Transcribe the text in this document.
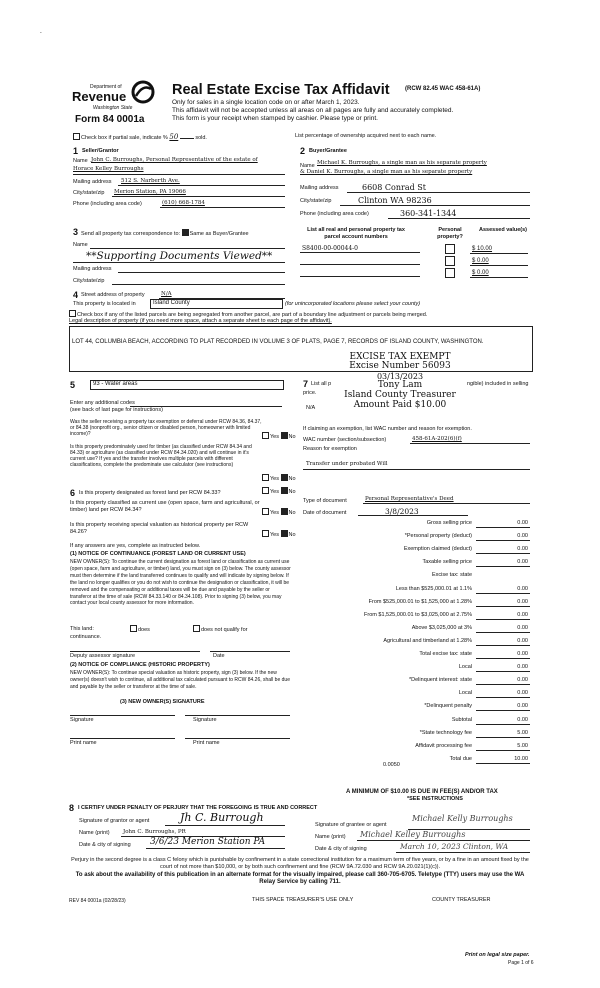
-
Department of
Revenue
Washington State
Form 84 0001a
Real Estate Excise Tax Affidavit	(RCW 82.45 WAC 458-61A)
Only for sales in a single location code on or after March 1, 2023.
This affidavit will not be accepted unless all areas on all pages are fully and accurately completed.
This form is your receipt when stamped by cashier. Please type or print.
Check box if partial sale, indicate % 50	sold.	List percentage of ownership acquired next to each name.
1 Seller/Grantor
Name John C. Burroughs, Personal Representative of the estate of
Horace Kelley Burroughs
Mailing address 512 S. Narberth Ave.
City/state/zip Merion Station, PA 19066
Phone (including area code)	(610) 668-1784
2 Buyer/Grantee
Name Michael K. Burroughs, a single man as his separate property
& Daniel K. Burroughs, a single man as his separate property
Mailing address	6608 Conrad St
City/state/zip	Clinton WA 98236
Phone (including area code)	360-341-1344
3 Send all property tax correspondence to: Same as Buyer/Grantee
Name
**Supporting Documents Viewed**
Mailing address
City/state/zip
List all real and personal property tax parcel account numbers
Personal property?
Assessed value(s)
S8400-00-00044-0	$ 10.00
$ 0.00
$ 0.00
4 Street address of property	N/A
This property is located in	Island County	(for unincorporated locations please select your county)
Check box if any of the listed parcels are being segregated from another parcel, are part of a boundary line adjustment or parcels being merged.
Legal description of property (if you need more space, attach a separate sheet to each page of the affidavit).
LOT 44, COLUMBIA BEACH, ACCORDING TO PLAT RECORDED IN VOLUME 3 OF PLATS, PAGE 7, RECORDS OF ISLAND COUNTY, WASHINGTON.
EXCISE TAX EXEMPT
Excise Number 56093
03/13/2023
Tony Lam
Island County Treasurer
Amount Paid $10.00
5	93 - Water areas
Enter any additional codes
(see back of last page for instructions)
Was the seller receiving a property tax exemption or deferral under RCW 84.36, 84.37, or 84.38 (nonprofit org., senior citizen or disabled person, homeowner with limited income)?	Yes No
Is this property predominately used for timber (as classified under RCW 84.34 and 84.33) or agriculture (as classified under RCW 84.34.020) and will continue in it's current use? If yes and the transfer involves multiple parcels with different classifications, complete the predominate use calculator (see instructions)
Yes No
7 List all p	ngible) included in selling
price.
N/A
If claiming an exemption, list WAC number and reason for exemption.
WAC number (section/subsection)	458-61A-202(6)(f)
Reason for exemption
Transfer under probated Will
6 Is this property designated as forest land per RCW 84.33?	Yes No
Is this property classified as current use (open space, farm and agricultural, or timber) land per RCW 84.34?
Yes No
Is this property receiving special valuation as historical property per RCW 84.26?
Yes No
If any answers are yes, complete as instructed below.
(1) NOTICE OF CONTINUANCE (FOREST LAND OR CURRENT USE)
NEW OWNER(S): To continue the current designation as forest land or classification as current use (open space, farm and agriculture, or timber) land, you must sign on (3) below. The county assessor must then determine if the land transferred continues to qualify and will indicate by signing below. If the land no longer qualifies or you do not wish to continue the designation or classification, it will be removed and the compensating or additional taxes will be due and payable by the seller or transferor at the time of sale (RCW 84.33.140 or 84.34.108). Prior to signing (3) below, you may contact your local county assessor for more information.
This land:	does	does not qualify for
continuance.
Deputy assessor signature	Date
(2) NOTICE OF COMPLIANCE (HISTORIC PROPERTY)
NEW OWNER(S): To continue special valuation as historic property, sign (3) below. If the new owner(s) doesn't wish to continue, all additional tax calculated pursuant to RCW 84.26, shall be due and payable by the seller or transferor at the time of sale.
(3) NEW OWNER(S) SIGNATURE
Signature	Signature
Print name	Print name
Type of document	Personal Representative's Deed
Date of document	3/8/2023
Gross selling price	0.00
*Personal property (deduct)	0.00
Exemption claimed (deduct)	0.00
Taxable selling price	0.00
Excise tax: state
Less than $525,000.01 at 1.1%	0.00
From $525,000.01 to $1,525,000 at 1.28%	0.00
From $1,525,000.01 to $3,025,000 at 2.75%	0.00
Above $3,025,000 at 3%	0.00
Agricultural and timberland at 1.28%	0.00
Total excise tax: state	0.00
Local	0.00
*Delinquent interest: state	0.00
Local	0.00
*Delinquent penalty	0.00
Subtotal	0.00
*State technology fee	5.00
Affidavit processing fee	5.00
Total due	10.00
0.0050
A MINIMUM OF $10.00 IS DUE IN FEE(S) AND/OR TAX
*SEE INSTRUCTIONS
8 I CERTIFY UNDER PENALTY OF PERJURY THAT THE FOREGOING IS TRUE AND CORRECT
Signature of grantor or agent	Jh C. Burrough
Name (print) John C. Burroughs, PR
Date & city of signing 3/6/23 Merion Station PA
Signature of grantee or agent
Michael Kelly Burroughs
Name (print) Michael Kelley Burroughs
Date & city of signing	March 10, 2023 Clinton, WA
Perjury in the second degree is a class C felony which is punishable by confinement in a state correctional institution for a maximum term of five years, or by a fine in an amount fixed by the court of not more than $10,000, or by both such confinement and fine (RCW 9A.72.030 and RCW 9A.20.021(1)(c)).
To ask about the availability of this publication in an alternate format for the visually impaired, please call 360-705-6705. Teletype (TTY) users may use the WA Relay Service by calling 711.
REV 84 0001a (02/28/23)	THIS SPACE TREASURER'S USE ONLY	COUNTY TREASURER
Print on legal size paper.
Page 1 of 6
